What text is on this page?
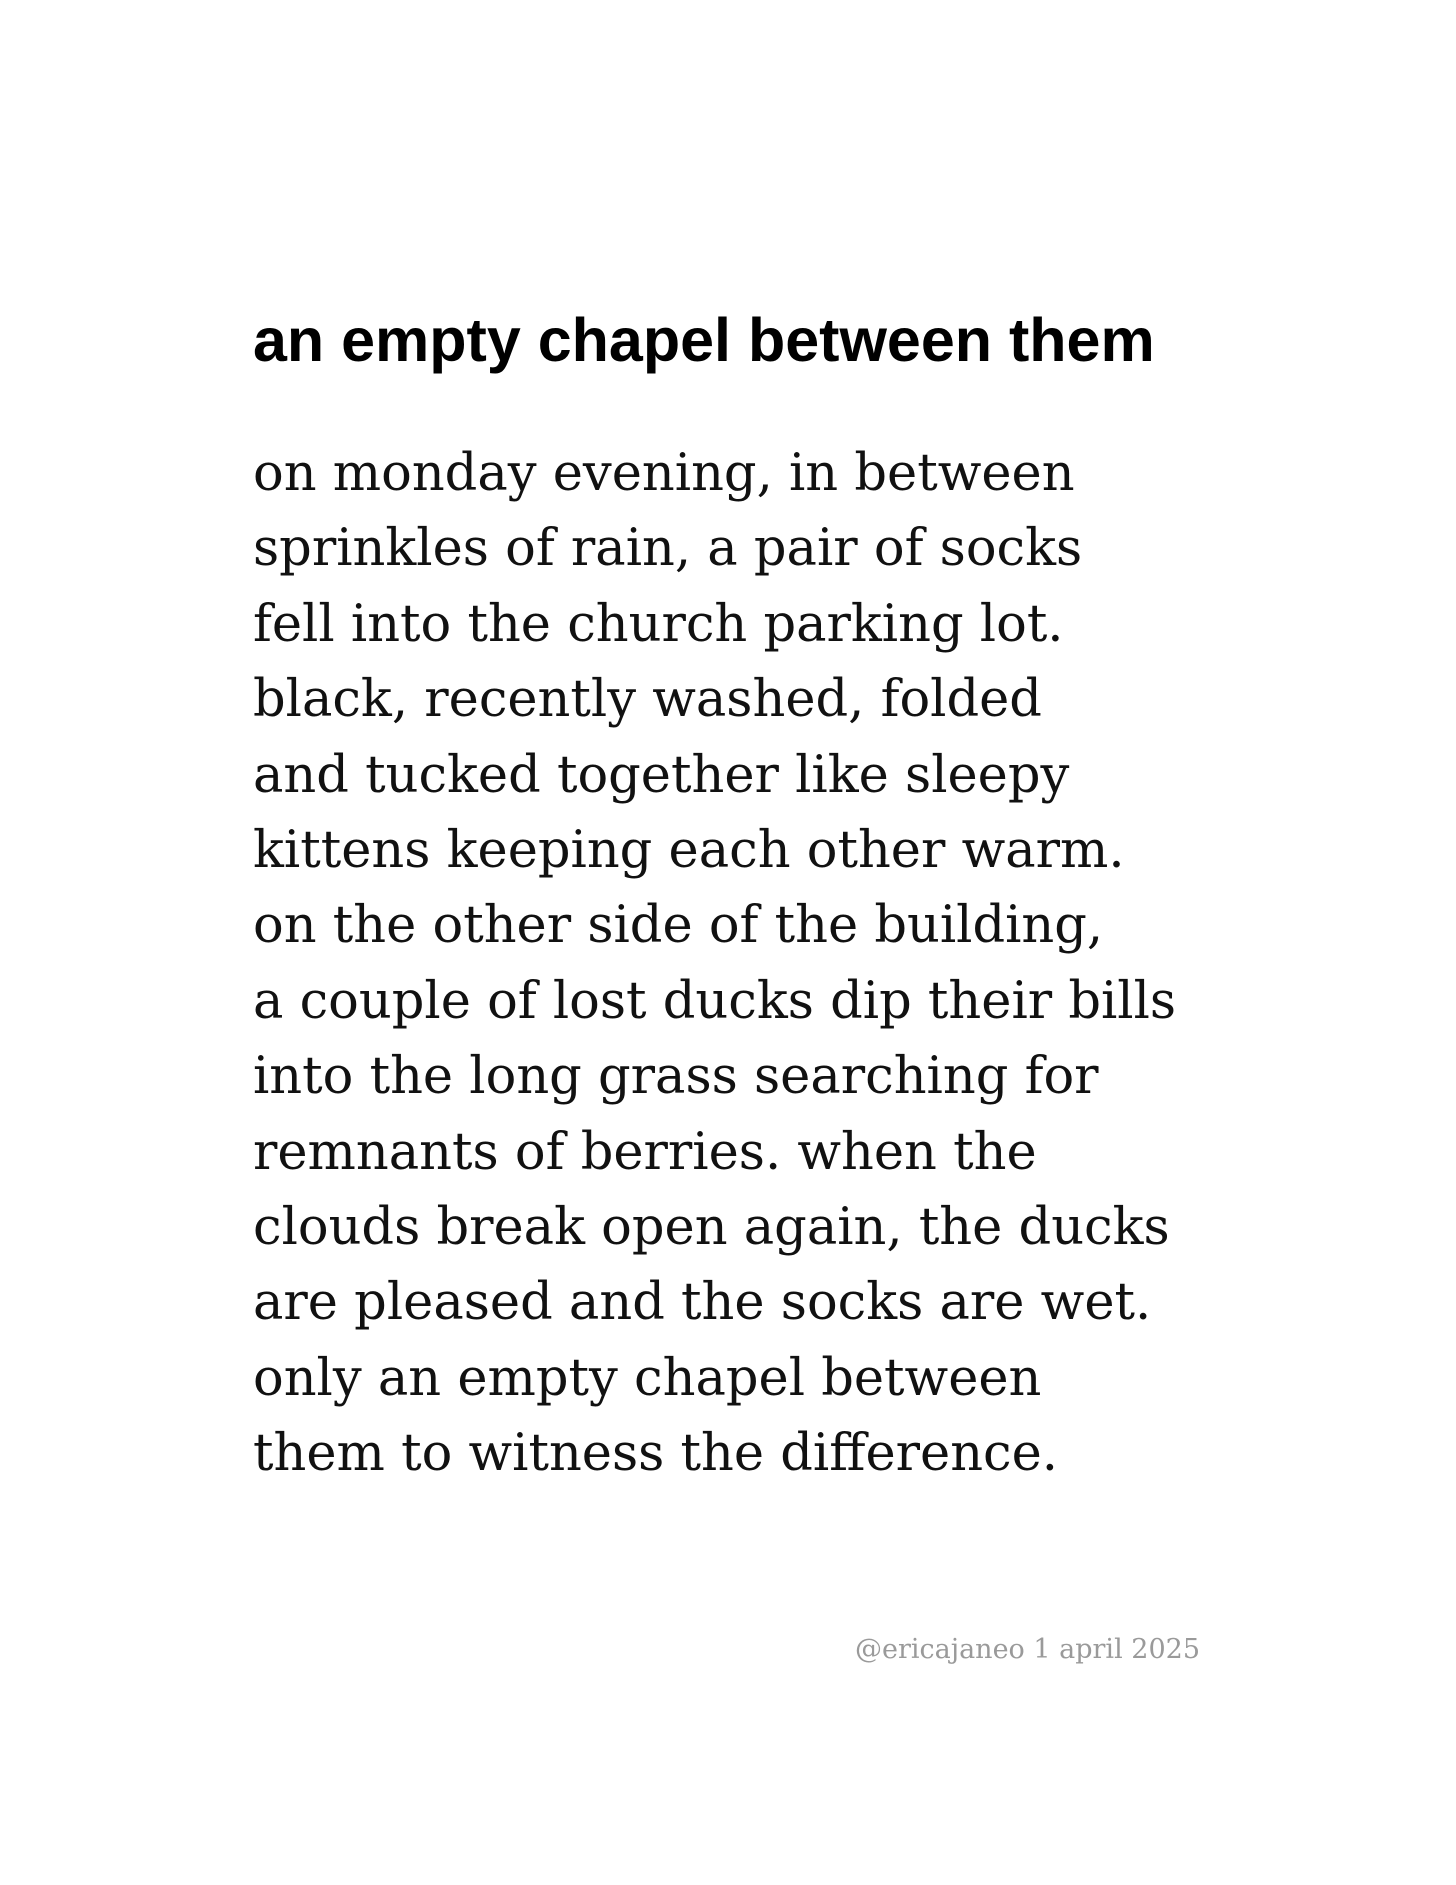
an empty chapel between them
on monday evening, in between
sprinkles of rain, a pair of socks
fell into the church parking lot.
black, recently washed, folded
and tucked together like sleepy
kittens keeping each other warm.
on the other side of the building,
a couple of lost ducks dip their bills
into the long grass searching for
remnants of berries. when the
clouds break open again, the ducks
are pleased and the socks are wet.
only an empty chapel between
them to witness the difference.

@ericajaneo 1 april 2025
